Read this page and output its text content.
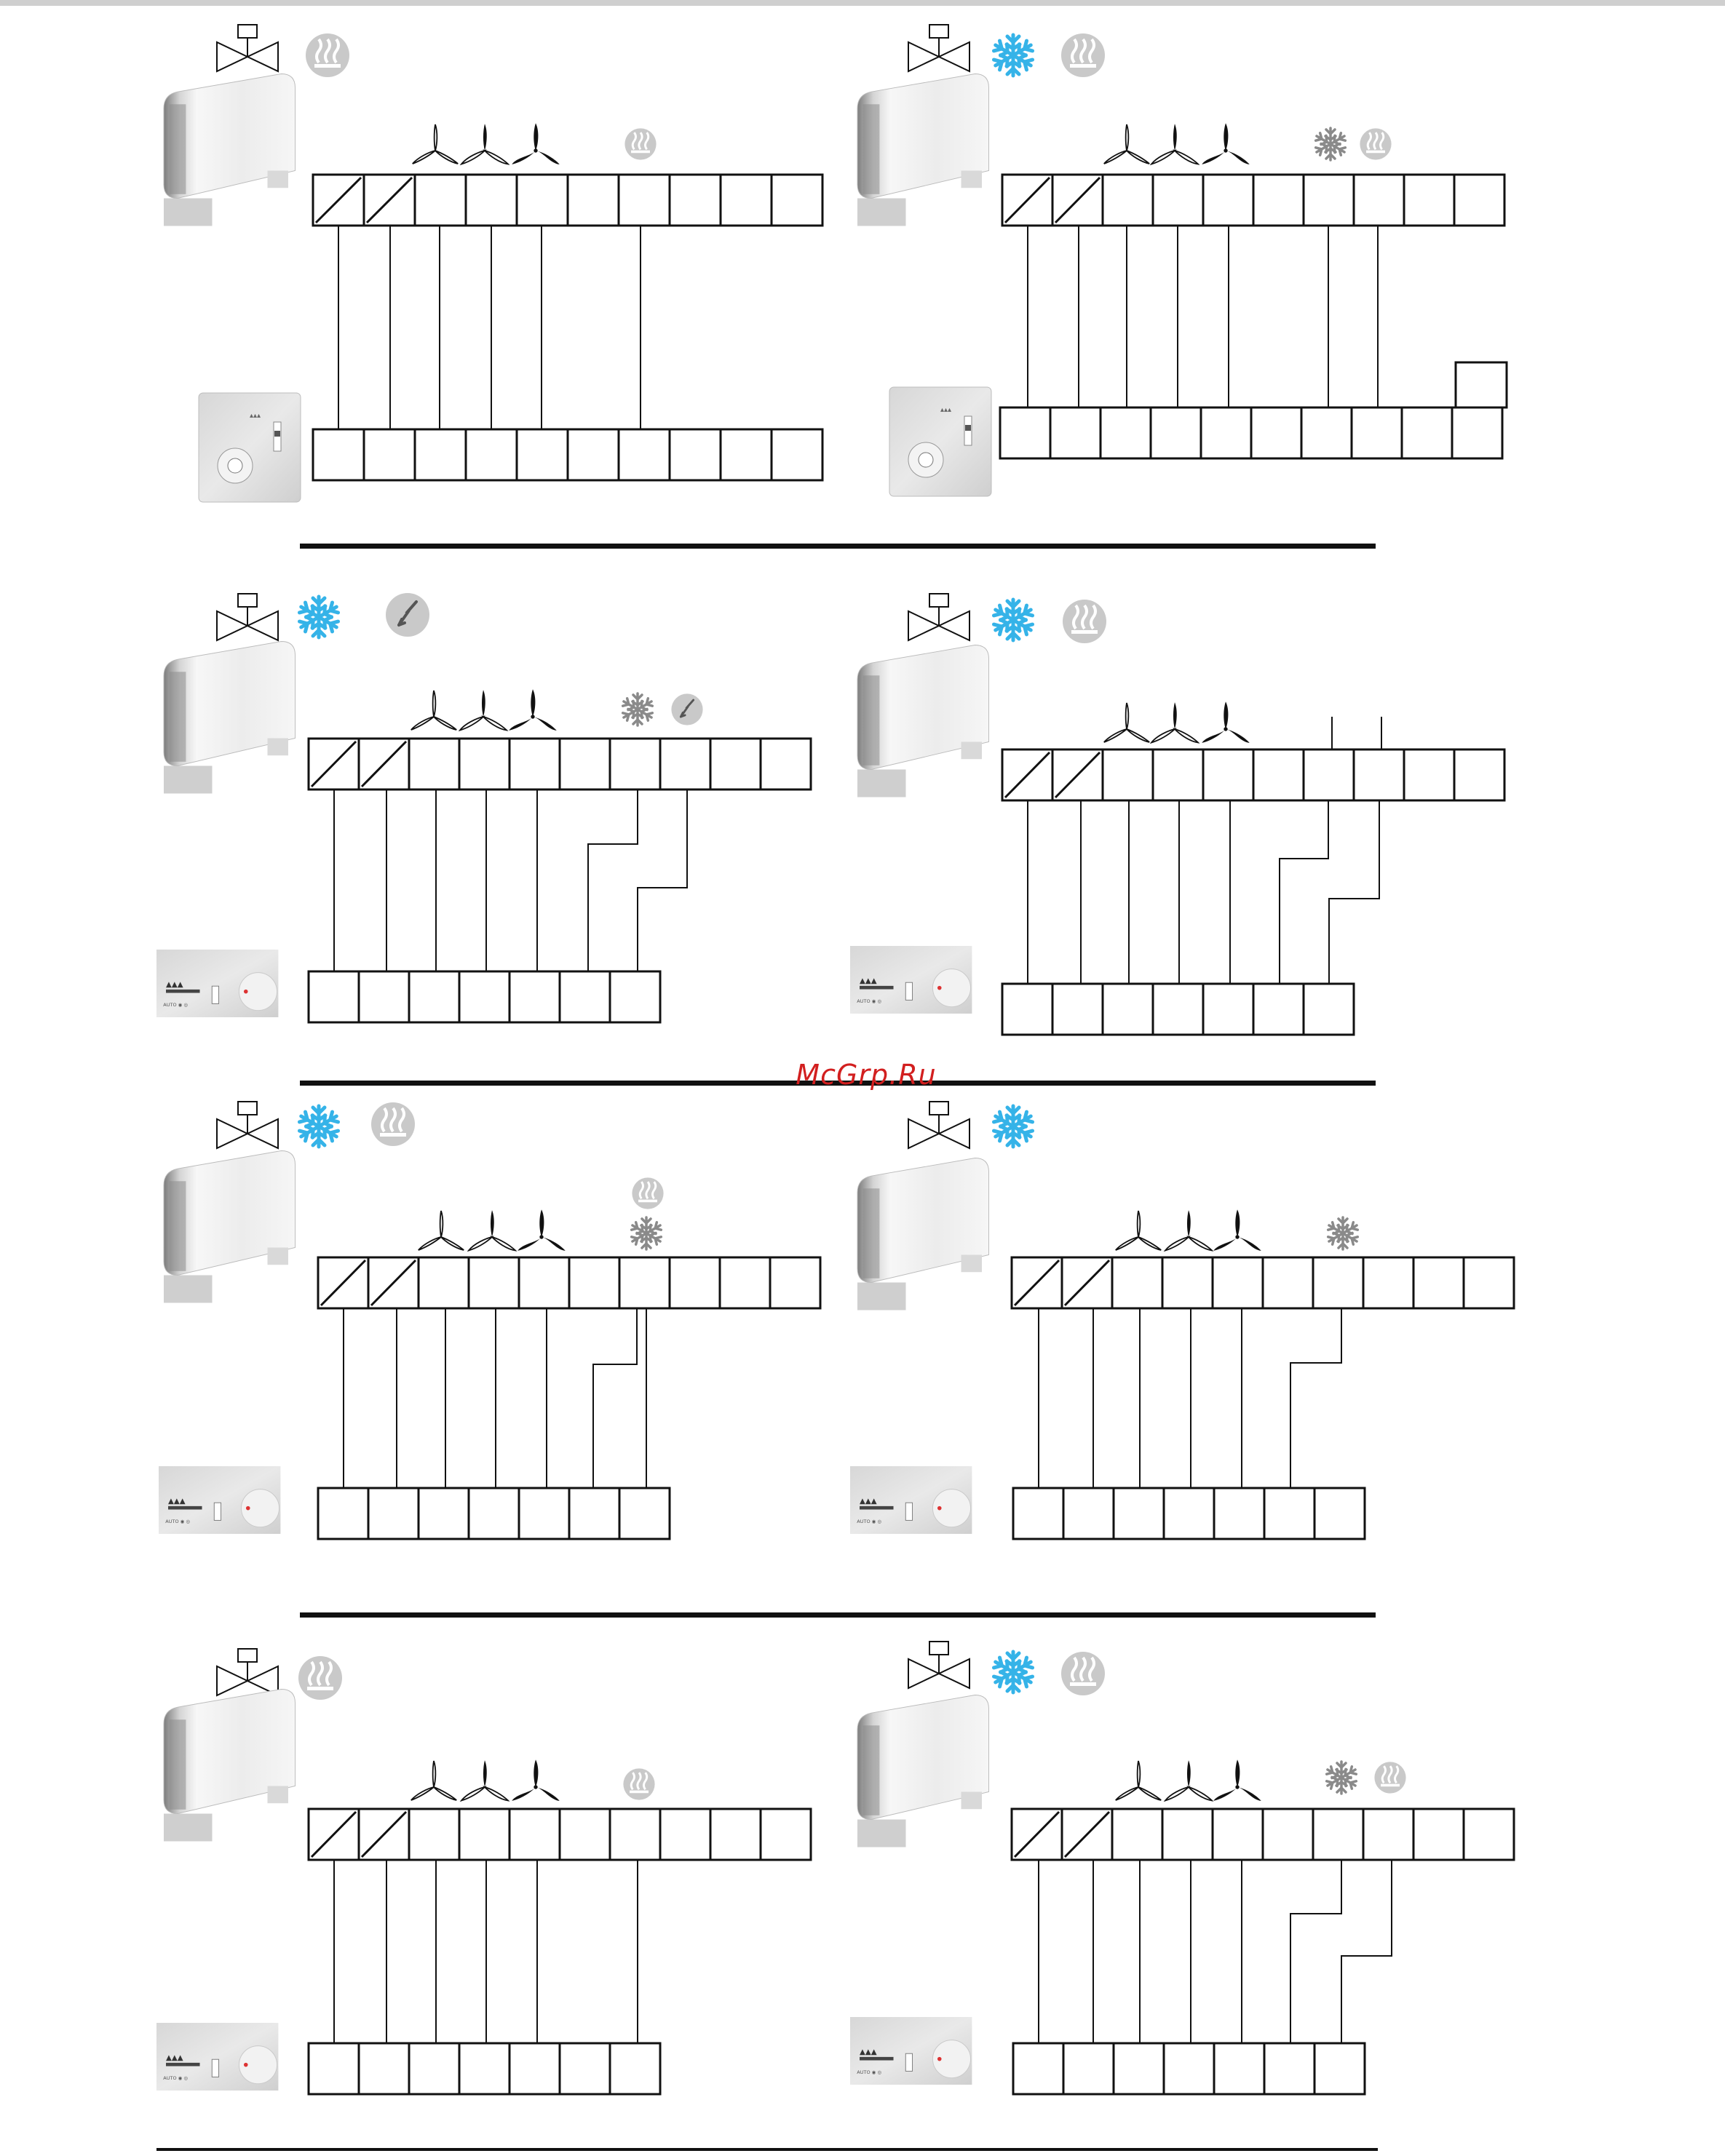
▴▴▴
▲▲▲
AUTO ◉ ◎
McGrp.Ru
